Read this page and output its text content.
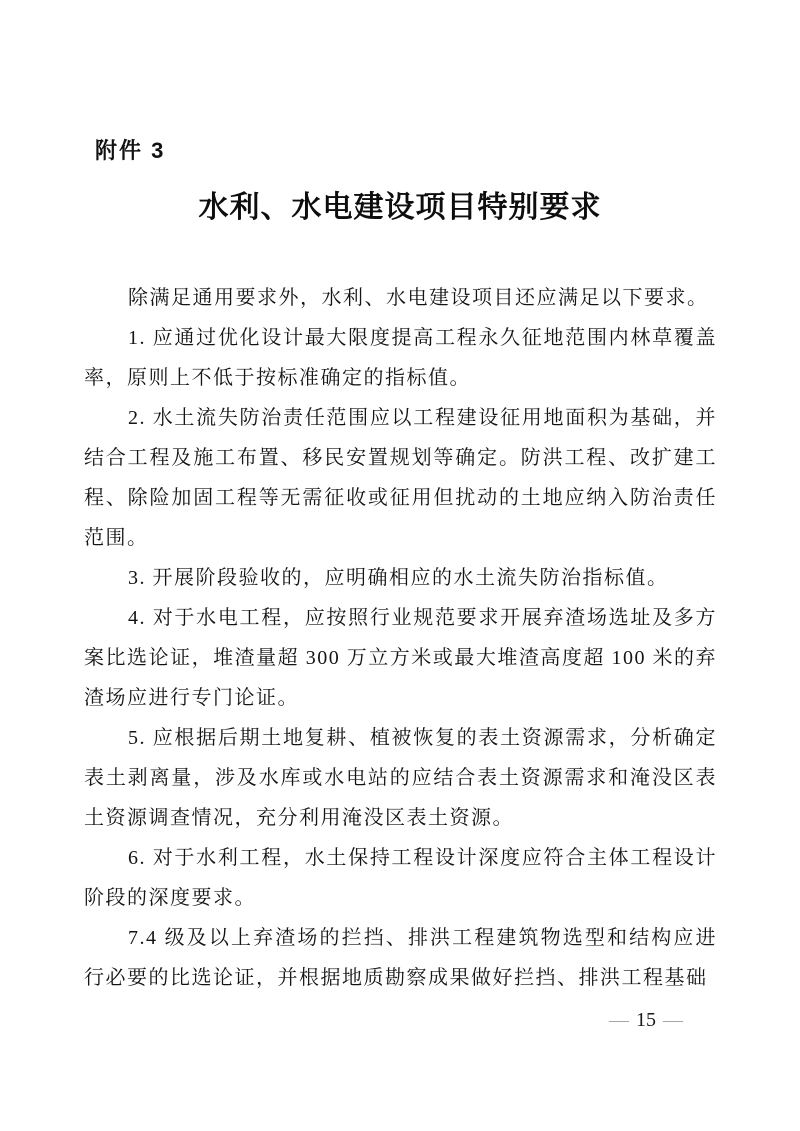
附件 3
水利、水电建设项目特别要求

除满足通用要求外，水利、水电建设项目还应满足以下要求。

1. 应通过优化设计最大限度提高工程永久征地范围内林草覆盖率，原则上不低于按标准确定的指标值。

2. 水土流失防治责任范围应以工程建设征用地面积为基础，并结合工程及施工布置、移民安置规划等确定。防洪工程、改扩建工程、除险加固工程等无需征收或征用但扰动的土地应纳入防治责任范围。

3. 开展阶段验收的，应明确相应的水土流失防治指标值。

4. 对于水电工程，应按照行业规范要求开展弃渣场选址及多方案比选论证，堆渣量超 300 万立方米或最大堆渣高度超 100 米的弃渣场应进行专门论证。

5. 应根据后期土地复耕、植被恢复的表土资源需求，分析确定表土剥离量，涉及水库或水电站的应结合表土资源需求和淹没区表土资源调查情况，充分利用淹没区表土资源。

6. 对于水利工程，水土保持工程设计深度应符合主体工程设计阶段的深度要求。

7.4 级及以上弃渣场的拦挡、排洪工程建筑物选型和结构应进行必要的比选论证，并根据地质勘察成果做好拦挡、排洪工程基础

— 15 —
